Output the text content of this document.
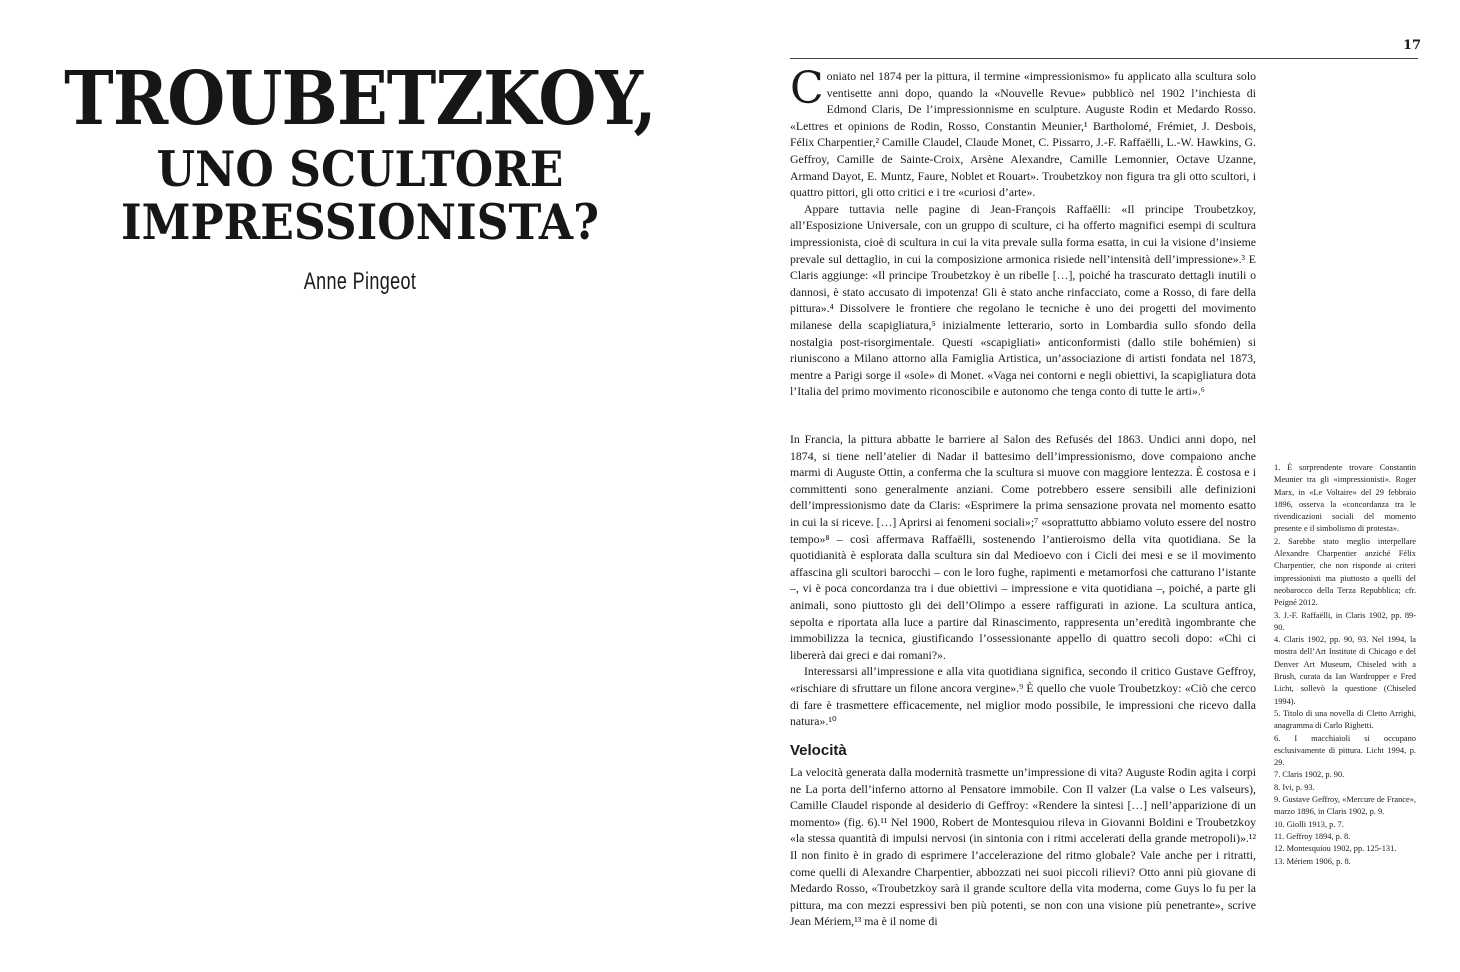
TROUBETZKOY,
UNO SCULTORE
IMPRESSIONISTA?
Anne Pingeot
17

Coniato nel 1874 per la pittura, il termine «impressionismo» fu applicato alla scultura solo ventisette anni dopo, quando la «Nouvelle Revue» pubblicò nel 1902 l’inchiesta di Edmond Claris, De l’impressionnisme en sculpture. Auguste Rodin et Medardo Rosso. «Lettres et opinions de Rodin, Rosso, Constantin Meunier,¹ Bartholomé, Frémiet, J. Desbois, Félix Charpentier,² Camille Claudel, Claude Monet, C. Pissarro, J.-F. Raffaëlli, L.-W. Hawkins, G. Geffroy, Camille de Sainte-Croix, Arsène Alexandre, Camille Lemonnier, Octave Uzanne, Armand Dayot, E. Muntz, Faure, Noblet et Rouart». Troubetzkoy non figura tra gli otto scultori, i quattro pittori, gli otto critici e i tre «curiosi d’arte».

Appare tuttavia nelle pagine di Jean-François Raffaëlli: «Il principe Troubetzkoy, all’Esposizione Universale, con un gruppo di sculture, ci ha offerto magnifici esempi di scultura impressionista, cioè di scultura in cui la vita prevale sulla forma esatta, in cui la visione d’insieme prevale sul dettaglio, in cui la composizione armonica risiede nell’intensità dell’impressione».³ E Claris aggiunge: «Il principe Troubetzkoy è un ribelle […], poiché ha trascurato dettagli inutili o dannosi, è stato accusato di impotenza! Gli è stato anche rinfacciato, come a Rosso, di fare della pittura».⁴ Dissolvere le frontiere che regolano le tecniche è uno dei progetti del movimento milanese della scapigliatura,⁵ inizialmente letterario, sorto in Lombardia sullo sfondo della nostalgia post-risorgimentale. Questi «scapigliati» anticonformisti (dallo stile bohémien) si riuniscono a Milano attorno alla Famiglia Artistica, un’associazione di artisti fondata nel 1873, mentre a Parigi sorge il «sole» di Monet. «Vaga nei contorni e negli obiettivi, la scapigliatura dota l’Italia del primo movimento riconoscibile e autonomo che tenga conto di tutte le arti».⁶

In Francia, la pittura abbatte le barriere al Salon des Refusés del 1863. Undici anni dopo, nel 1874, si tiene nell’atelier di Nadar il battesimo dell’impressionismo, dove compaiono anche marmi di Auguste Ottin, a conferma che la scultura si muove con maggiore lentezza. È costosa e i committenti sono generalmente anziani. Come potrebbero essere sensibili alle definizioni dell’impressionismo date da Claris: «Esprimere la prima sensazione provata nel momento esatto in cui la si riceve. […] Aprirsi ai fenomeni sociali»;⁷ «soprattutto abbiamo voluto essere del nostro tempo»⁸ – così affermava Raffaëlli, sostenendo l’antieroismo della vita quotidiana. Se la quotidianità è esplorata dalla scultura sin dal Medioevo con i Cicli dei mesi e se il movimento affascina gli scultori barocchi – con le loro fughe, rapimenti e metamorfosi che catturano l’istante –, vi è poca concordanza tra i due obiettivi – impressione e vita quotidiana –, poiché, a parte gli animali, sono piuttosto gli dei dell’Olimpo a essere raffigurati in azione. La scultura antica, sepolta e riportata alla luce a partire dal Rinascimento, rappresenta un’eredità ingombrante che immobilizza la tecnica, giustificando l’ossessionante appello di quattro secoli dopo: «Chi ci libererà dai greci e dai romani?».

Interessarsi all’impressione e alla vita quotidiana significa, secondo il critico Gustave Geffroy, «rischiare di sfruttare un filone ancora vergine».⁹ È quello che vuole Troubetzkoy: «Ciò che cerco di fare è trasmettere efficacemente, nel miglior modo possibile, le impressioni che ricevo dalla natura».¹⁰

Velocità

La velocità generata dalla modernità trasmette un’impressione di vita? Auguste Rodin agita i corpi ne La porta dell’inferno attorno al Pensatore immobile. Con Il valzer (La valse o Les valseurs), Camille Claudel risponde al desiderio di Geffroy: «Rendere la sintesi […] nell’apparizione di un momento» (fig. 6).¹¹ Nel 1900, Robert de Montesquiou rileva in Giovanni Boldini e Troubetzkoy «la stessa quantità di impulsi nervosi (in sintonia con i ritmi accelerati della grande metropoli)».¹² Il non finito è in grado di esprimere l’accelerazione del ritmo globale? Vale anche per i ritratti, come quelli di Alexandre Charpentier, abbozzati nei suoi piccoli rilievi? Otto anni più giovane di Medardo Rosso, «Troubetzkoy sarà il grande scultore della vita moderna, come Guys lo fu per la pittura, ma con mezzi espressivi ben più potenti, se non con una visione più penetrante», scrive Jean Mériem,¹³ ma è il nome di

1. È sorprendente trovare Constantin Meunier tra gli «impressionisti». Roger Marx, in «Le Voltaire» del 29 febbraio 1896, osserva la «concordanza tra le rivendicazioni sociali del momento presente e il simbolismo di protesta».

2. Sarebbe stato meglio interpellare Alexandre Charpentier anziché Félix Charpentier, che non risponde ai criteri impressionisti ma piuttosto a quelli del neobarocco della Terza Repubblica; cfr. Peigné 2012.

3. J.-F. Raffaëlli, in Claris 1902, pp. 89-90.

4. Claris 1902, pp. 90, 93. Nel 1994, la mostra dell’Art Institute di Chicago e del Denver Art Museum, Chiseled with a Brush, curata da Ian Wardropper e Fred Licht, sollevò la questione (Chiseled 1994).

5. Titolo di una novella di Cletto Arrighi, anagramma di Carlo Righetti.

6. I macchiaioli si occupano esclusivamente di pittura. Licht 1994, p. 29.

7. Claris 1902, p. 90.

8. Ivi, p. 93.

9. Gustave Geffroy, «Mercure de France», marzo 1896, in Claris 1902, p. 9.

10. Giolli 1913, p. 7.

11. Geffroy 1894, p. 8.

12. Montesquiou 1902, pp. 125-131.

13. Mériem 1906, p. 8.
